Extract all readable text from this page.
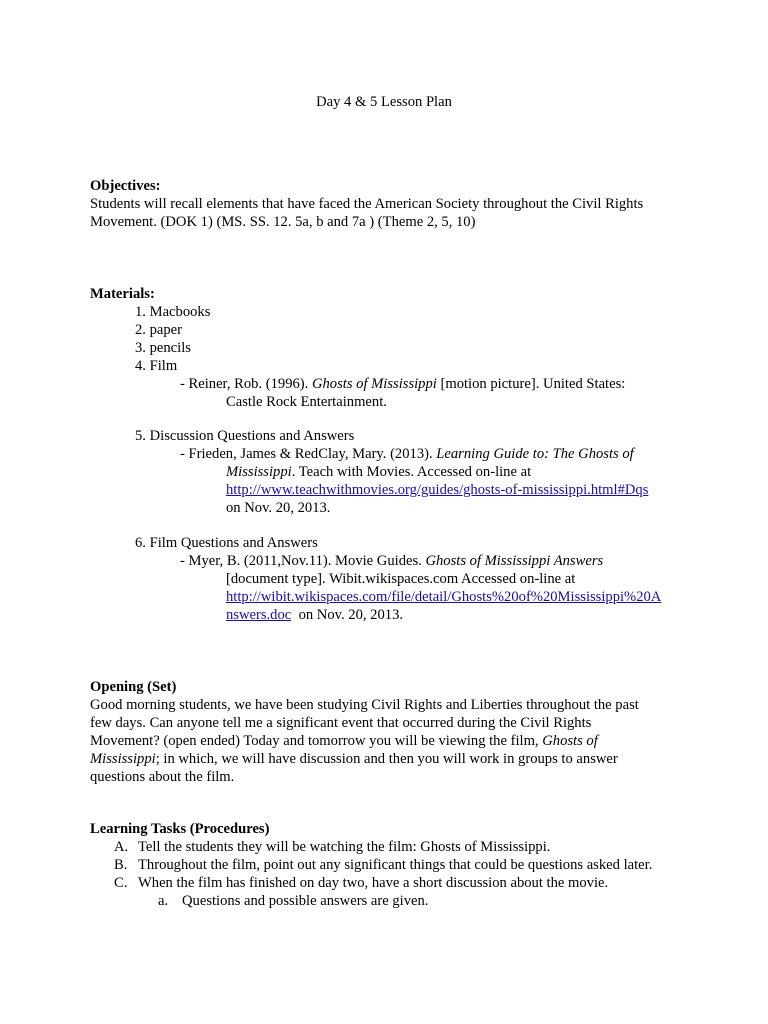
Day 4 & 5 Lesson Plan
Objectives:
Students will recall elements that have faced the American Society throughout the Civil Rights
Movement. (DOK 1) (MS. SS. 12. 5a, b and 7a ) (Theme 2, 5, 10)
Materials:
1. Macbooks
2. paper
3. pencils
4. Film
- Reiner, Rob. (1996). Ghosts of Mississippi [motion picture]. United States:
Castle Rock Entertainment.
5. Discussion Questions and Answers
- Frieden, James & RedClay, Mary. (2013). Learning Guide to: The Ghosts of
Mississippi. Teach with Movies. Accessed on-line at
http://www.teachwithmovies.org/guides/ghosts-of-mississippi.html#Dqs
on Nov. 20, 2013.
6. Film Questions and Answers
- Myer, B. (2011,Nov.11). Movie Guides. Ghosts of Mississippi Answers
[document type]. Wibit.wikispaces.com Accessed on-line at
http://wibit.wikispaces.com/file/detail/Ghosts%20of%20Mississippi%20A
nswers.doc  on Nov. 20, 2013.
Opening (Set)
Good morning students, we have been studying Civil Rights and Liberties throughout the past
few days. Can anyone tell me a significant event that occurred during the Civil Rights
Movement? (open ended) Today and tomorrow you will be viewing the film, Ghosts of
Mississippi; in which, we will have discussion and then you will work in groups to answer
questions about the film.
Learning Tasks (Procedures)
A. Tell the students they will be watching the film: Ghosts of Mississippi.
B. Throughout the film, point out any significant things that could be questions asked later.
C. When the film has finished on day two, have a short discussion about the movie.
a. Questions and possible answers are given.
